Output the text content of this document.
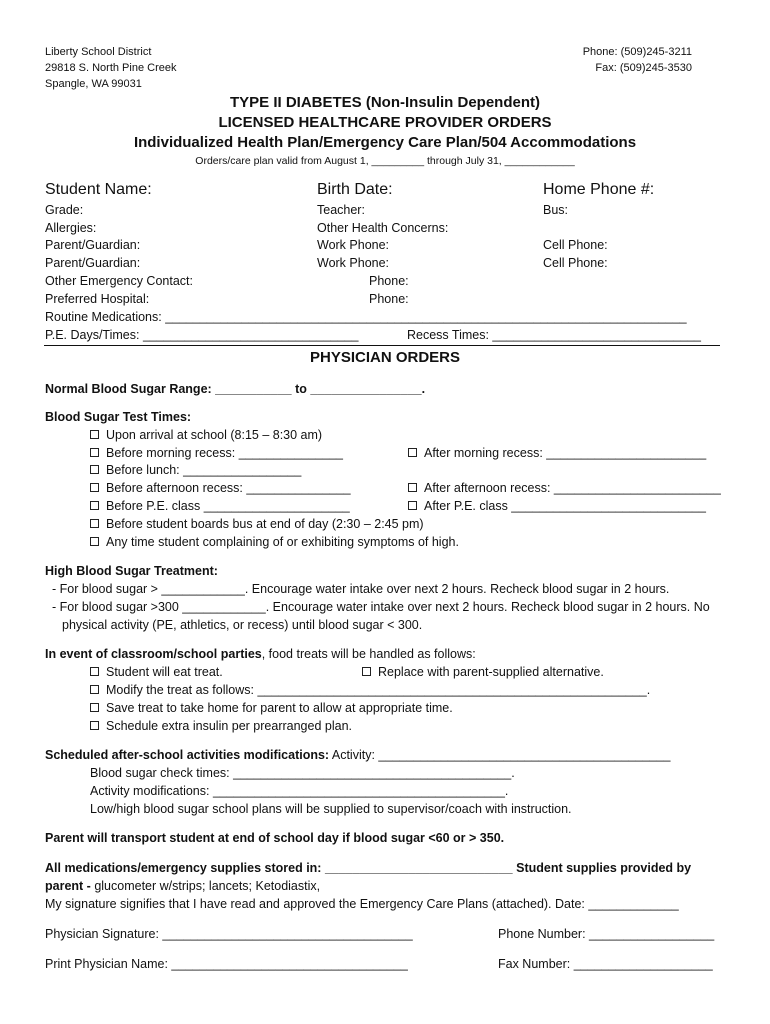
Liberty School District
29818 S. North Pine Creek
Spangle, WA 99031
Phone: (509)245-3211
Fax: (509)245-3530
TYPE II DIABETES (Non-Insulin Dependent)
LICENSED HEALTHCARE PROVIDER ORDERS
Individualized Health Plan/Emergency Care Plan/504 Accommodations
Orders/care plan valid from August 1, _________ through July 31, ____________
Student Name:	Birth Date:	Home Phone #:
Grade:	Teacher:	Bus:
Allergies:	Other Health Concerns:
Parent/Guardian:	Work Phone:	Cell Phone:
Parent/Guardian:	Work Phone:	Cell Phone:
Other Emergency Contact:	Phone:
Preferred Hospital:	Phone:
Routine Medications: ___________________________________________________________________________
P.E. Days/Times: _______________________________	Recess Times: ______________________________
PHYSICIAN ORDERS
Normal Blood Sugar Range: ___________ to ________________.
Blood Sugar Test Times:
Upon arrival at school (8:15 – 8:30 am)
Before morning recess: _______________	After morning recess: _______________________
Before lunch: _________________
Before afternoon recess: _______________	After afternoon recess: ________________________
Before P.E. class _____________________	After P.E. class ____________________________
Before student boards bus at end of day (2:30 – 2:45 pm)
Any time student complaining of or exhibiting symptoms of high.
High Blood Sugar Treatment:
- For blood sugar > ____________. Encourage water intake over next 2 hours. Recheck blood sugar in 2 hours.
- For blood sugar >300 ____________. Encourage water intake over next 2 hours. Recheck blood sugar in 2 hours. No
physical activity (PE, athletics, or recess) until blood sugar < 300.
In event of classroom/school parties, food treats will be handled as follows:
Student will eat treat.	Replace with parent-supplied alternative.
Modify the treat as follows: ________________________________________________________.
Save treat to take home for parent to allow at appropriate time.
Schedule extra insulin per prearranged plan.
Scheduled after-school activities modifications: Activity: __________________________________________
Blood sugar check times: ________________________________________.
Activity modifications: __________________________________________.
Low/high blood sugar school plans will be supplied to supervisor/coach with instruction.
Parent will transport student at end of school day if blood sugar <60 or > 350.
All medications/emergency supplies stored in: ___________________________ Student supplies provided by
parent - glucometer w/strips; lancets; Ketodiastix,
My signature signifies that I have read and approved the Emergency Care Plans (attached). Date: _____________
Physician Signature: ____________________________________	Phone Number: __________________
Print Physician Name: __________________________________	Fax Number: ____________________
